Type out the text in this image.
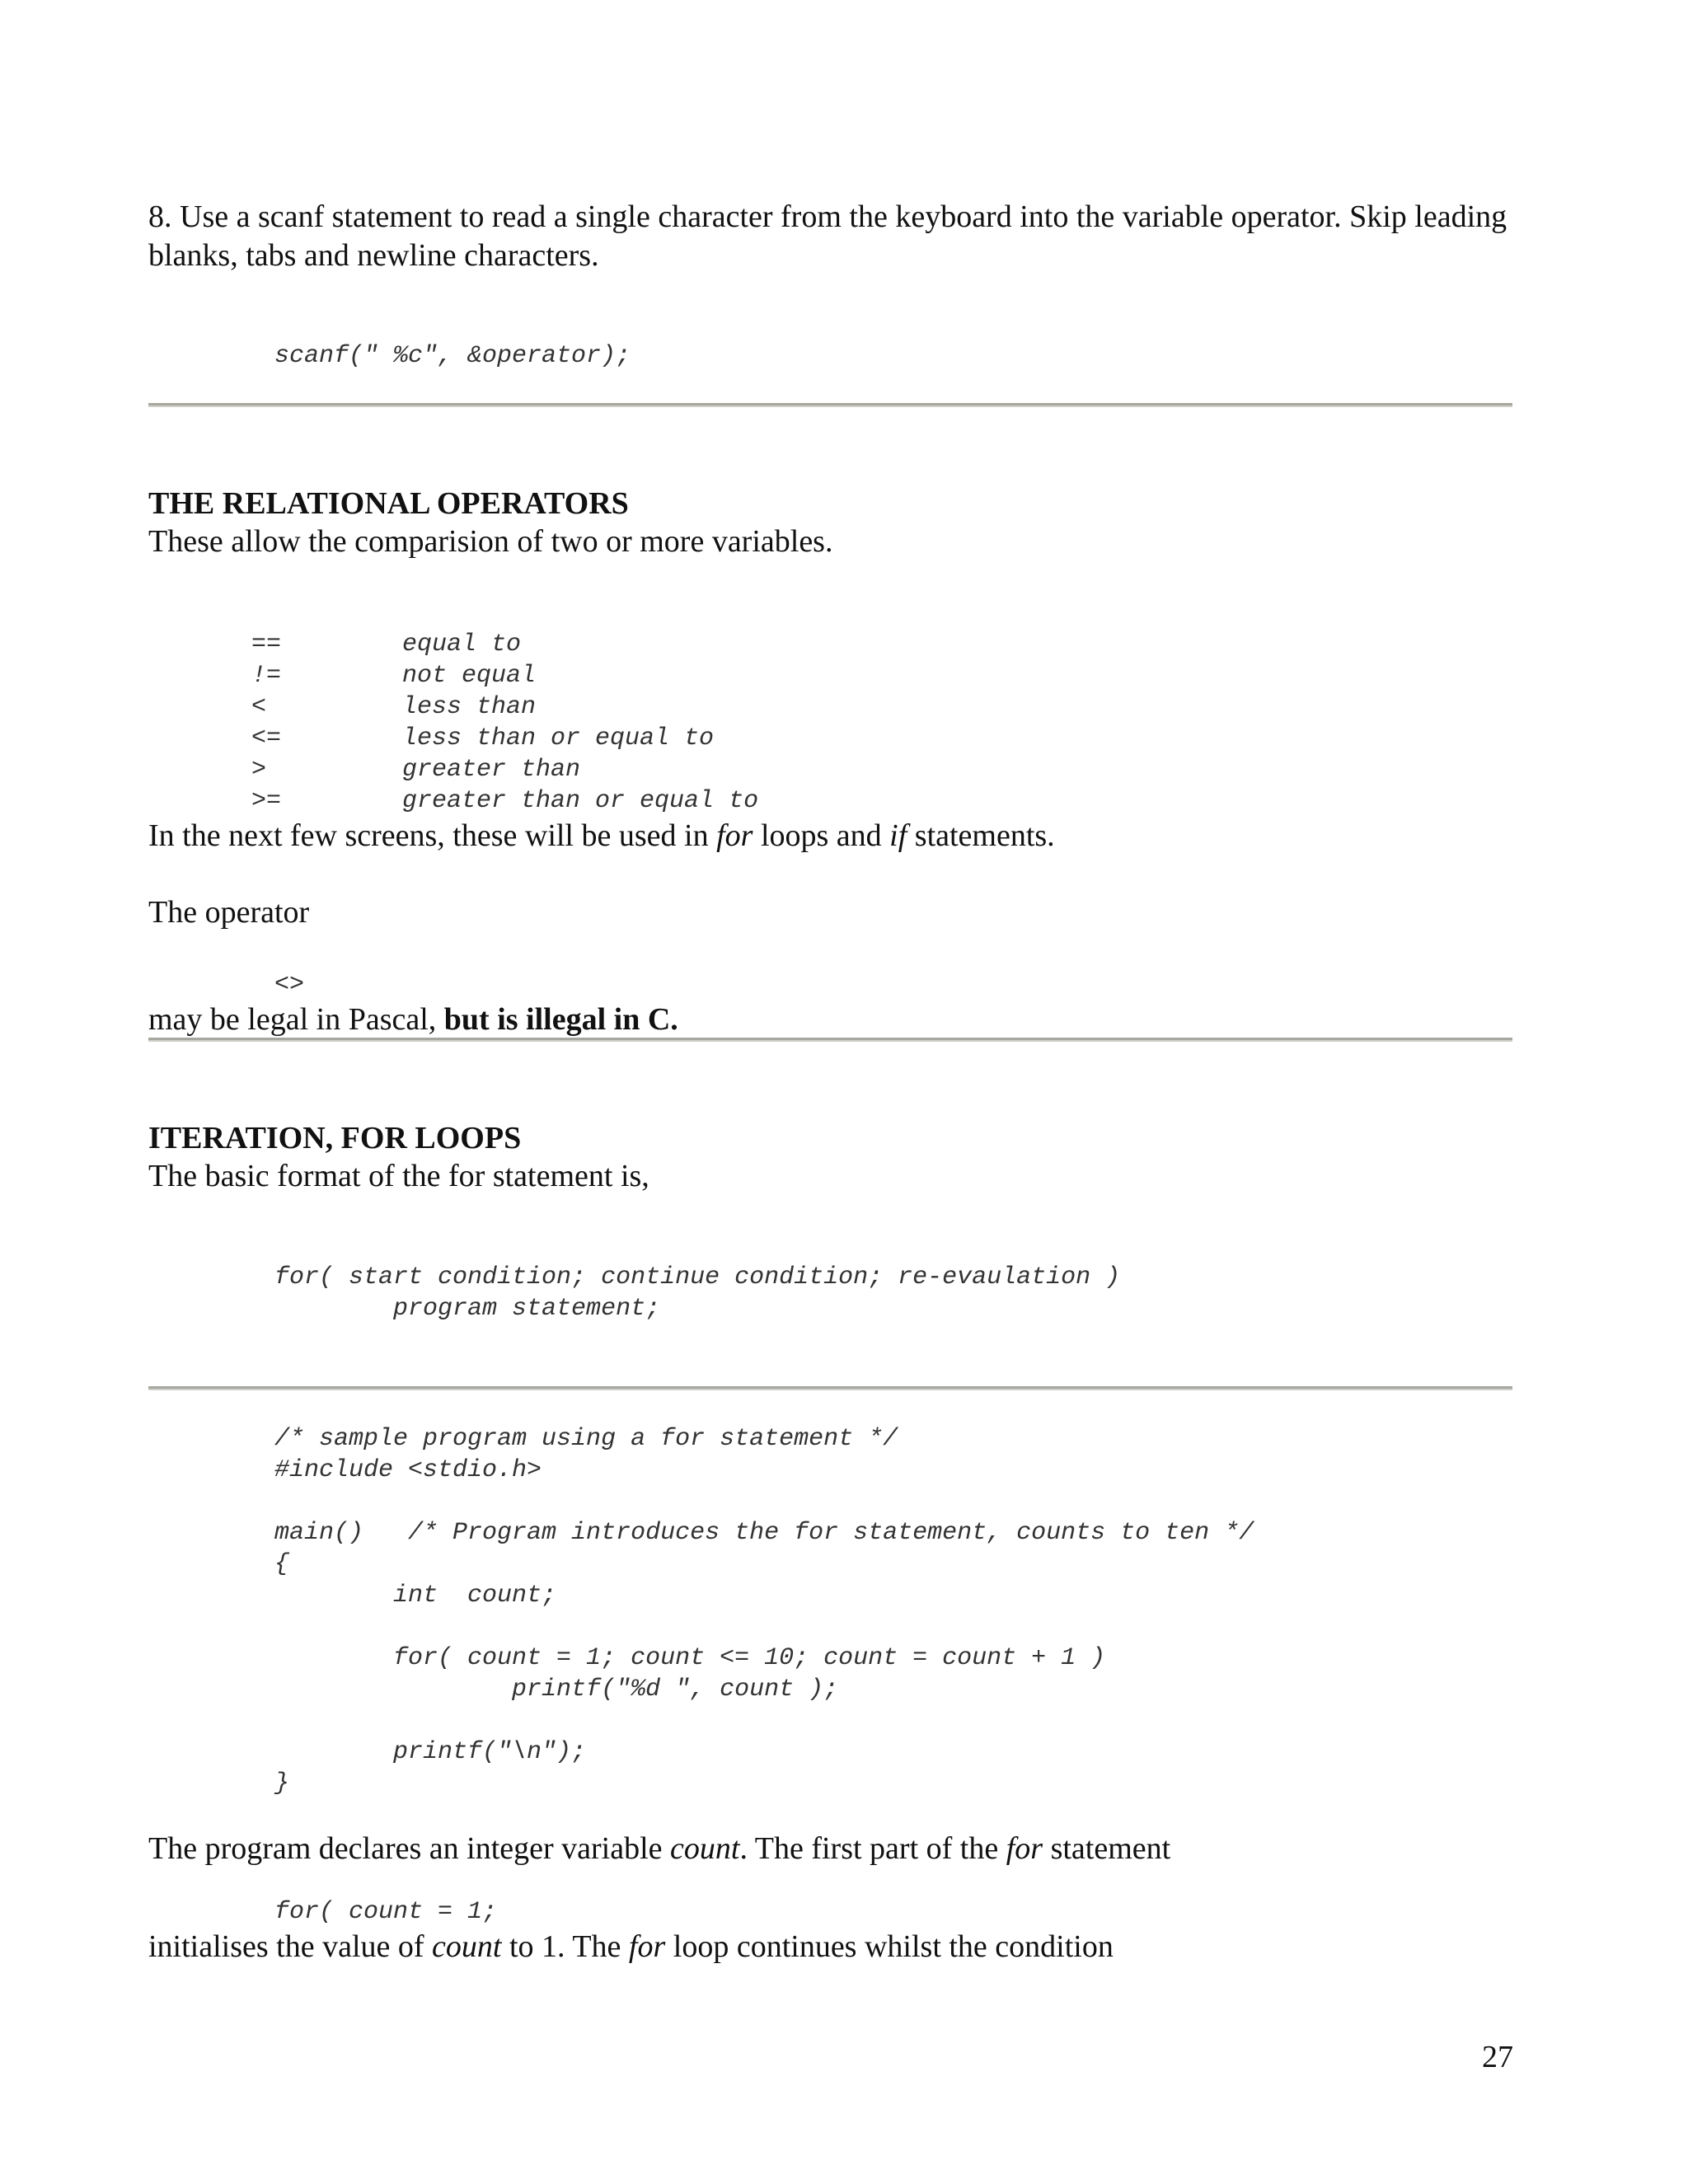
8. Use a scanf statement to read a single character from the keyboard into the variable operator. Skip leading blanks, tabs and newline characters.

scanf(" %c", &operator);

THE RELATIONAL OPERATORS

These allow the comparision of two or more variables.

==	equal to
!=	not equal
<	less than
<=	less than or equal to
>	greater than
>=	greater than or equal to

In the next few screens, these will be used in for loops and if statements.

The operator

<>

may be legal in Pascal, but is illegal in C.

ITERATION, FOR LOOPS

The basic format of the for statement is,

for( start condition; continue condition; re-evaulation )
program statement;
/* sample program using a for statement */
#include <stdio.h>

main()   /* Program introduces the for statement, counts to ten */
{
int  count;

for( count = 1; count <= 10; count = count + 1 )
printf("%d ", count );

printf("\n");
}

The program declares an integer variable count. The first part of the for statement

for( count = 1;

initialises the value of count to 1. The for loop continues whilst the condition

27
